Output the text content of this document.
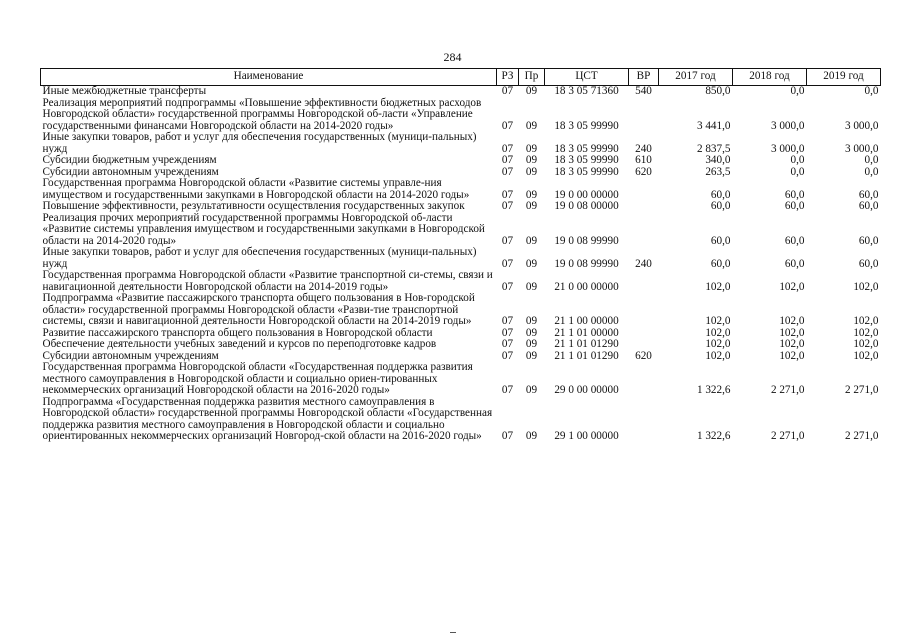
284
Наименование	РЗ	Пр	ЦСТ	ВР	2017 год	2018 год	2019 год
Иные межбюджетные трансферты	07	09	18 3 05 71360	540	850,0	0,0	0,0
Реализация мероприятий подпрограммы «Повышение эффективности бюджетных расходов Новгородской области» государственной программы Новгородской об-ласти «Управление государственными финансами Новгородской области на 2014-2020 годы»	07	09	18 3 05 99990		3 441,0	3 000,0	3 000,0
Иные закупки товаров, работ и услуг для обеспечения государственных (муници-пальных) нужд	07	09	18 3 05 99990	240	2 837,5	3 000,0	3 000,0
Субсидии бюджетным учреждениям	07	09	18 3 05 99990	610	340,0	0,0	0,0
Субсидии автономным учреждениям	07	09	18 3 05 99990	620	263,5	0,0	0,0
Государственная программа Новгородской области «Развитие системы управле-ния имуществом и государственными закупками в Новгородской области на 2014-2020 годы»	07	09	19 0 00 00000		60,0	60,0	60,0
Повышение эффективности, результативности осуществления государственных закупок	07	09	19 0 08 00000		60,0	60,0	60,0
Реализация прочих мероприятий государственной программы Новгородской об-ласти «Развитие системы управления имуществом и государственными закупками в Новгородской области на 2014-2020 годы»	07	09	19 0 08 99990		60,0	60,0	60,0
Иные закупки товаров, работ и услуг для обеспечения государственных (муници-пальных) нужд	07	09	19 0 08 99990	240	60,0	60,0	60,0
Государственная программа Новгородской области «Развитие транспортной си-стемы, связи и навигационной деятельности Новгородской области на 2014-2019 годы»	07	09	21 0 00 00000		102,0	102,0	102,0
Подпрограмма «Развитие пассажирского транспорта общего пользования в Нов-городской области» государственной программы Новгородской области «Разви-тие транспортной системы, связи и навигационной деятельности Новгородской области на 2014-2019 годы»	07	09	21 1 00 00000		102,0	102,0	102,0
Развитие пассажирского транспорта общего пользования в Новгородской области	07	09	21 1 01 00000		102,0	102,0	102,0
Обеспечение деятельности учебных заведений и курсов по переподготовке кадров	07	09	21 1 01 01290		102,0	102,0	102,0
Субсидии автономным учреждениям	07	09	21 1 01 01290	620	102,0	102,0	102,0
Государственная программа Новгородской области «Государственная поддержка развития местного самоуправления в Новгородской области и социально ориен-тированных некоммерческих организаций Новгородской области на 2016-2020 годы»	07	09	29 0 00 00000		1 322,6	2 271,0	2 271,0
Подпрограмма «Государственная поддержка развития местного самоуправления в Новгородской области» государственной программы Новгородской области «Государственная поддержка развития местного самоуправления в Новгородской области и социально ориентированных некоммерческих организаций Новгород-ской области на 2016-2020 годы»	07	09	29 1 00 00000		1 322,6	2 271,0	2 271,0
